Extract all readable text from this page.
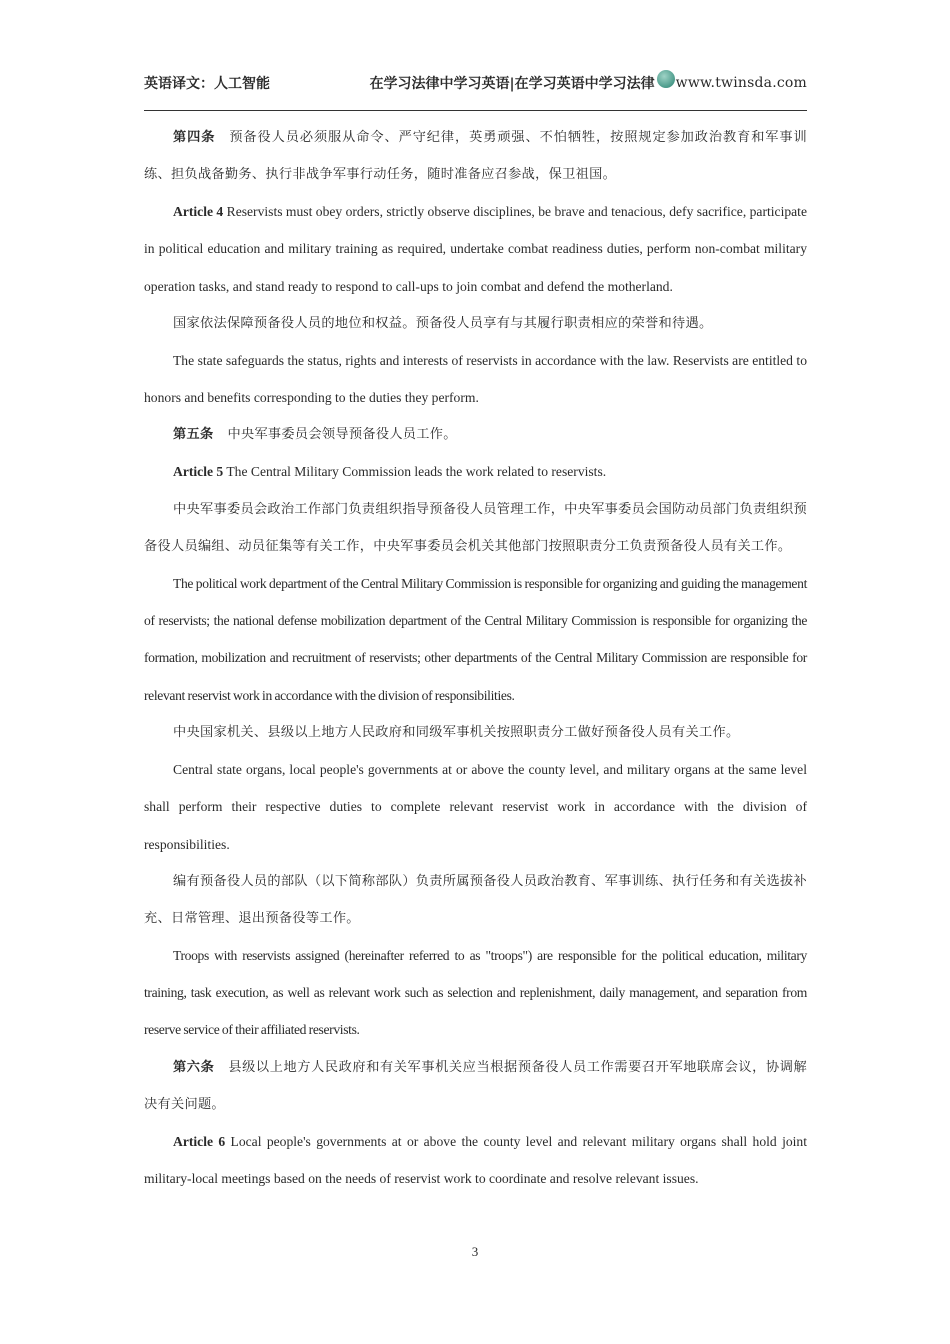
英语译文：人工智能	在学习法律中学习英语|在学习英语中学习法律 www.twinsda.com

第四条 预备役人员必须服从命令、严守纪律，英勇顽强、不怕牺牲，按照规定参加政治教育和军事训练、担负战备勤务、执行非战争军事行动任务，随时准备应召参战，保卫祖国。

Article 4 Reservists must obey orders, strictly observe disciplines, be brave and tenacious, defy sacrifice, participate in political education and military training as required, undertake combat readiness duties, perform non-combat military operation tasks, and stand ready to respond to call-ups to join combat and defend the motherland.

国家依法保障预备役人员的地位和权益。预备役人员享有与其履行职责相应的荣誉和待遇。

The state safeguards the status, rights and interests of reservists in accordance with the law. Reservists are entitled to honors and benefits corresponding to the duties they perform.

第五条 中央军事委员会领导预备役人员工作。

Article 5 The Central Military Commission leads the work related to reservists.

中央军事委员会政治工作部门负责组织指导预备役人员管理工作，中央军事委员会国防动员部门负责组织预备役人员编组、动员征集等有关工作，中央军事委员会机关其他部门按照职责分工负责预备役人员有关工作。

The political work department of the Central Military Commission is responsible for organizing and guiding the management of reservists; the national defense mobilization department of the Central Military Commission is responsible for organizing the formation, mobilization and recruitment of reservists; other departments of the Central Military Commission are responsible for relevant reservist work in accordance with the division of responsibilities.

中央国家机关、县级以上地方人民政府和同级军事机关按照职责分工做好预备役人员有关工作。

Central state organs, local people's governments at or above the county level, and military organs at the same level shall perform their respective duties to complete relevant reservist work in accordance with the division of responsibilities.

编有预备役人员的部队（以下简称部队）负责所属预备役人员政治教育、军事训练、执行任务和有关选拔补充、日常管理、退出预备役等工作。

Troops with reservists assigned (hereinafter referred to as "troops") are responsible for the political education, military training, task execution, as well as relevant work such as selection and replenishment, daily management, and separation from reserve service of their affiliated reservists.

第六条 县级以上地方人民政府和有关军事机关应当根据预备役人员工作需要召开军地联席会议，协调解决有关问题。

Article 6 Local people's governments at or above the county level and relevant military organs shall hold joint military-local meetings based on the needs of reservist work to coordinate and resolve relevant issues.

3
